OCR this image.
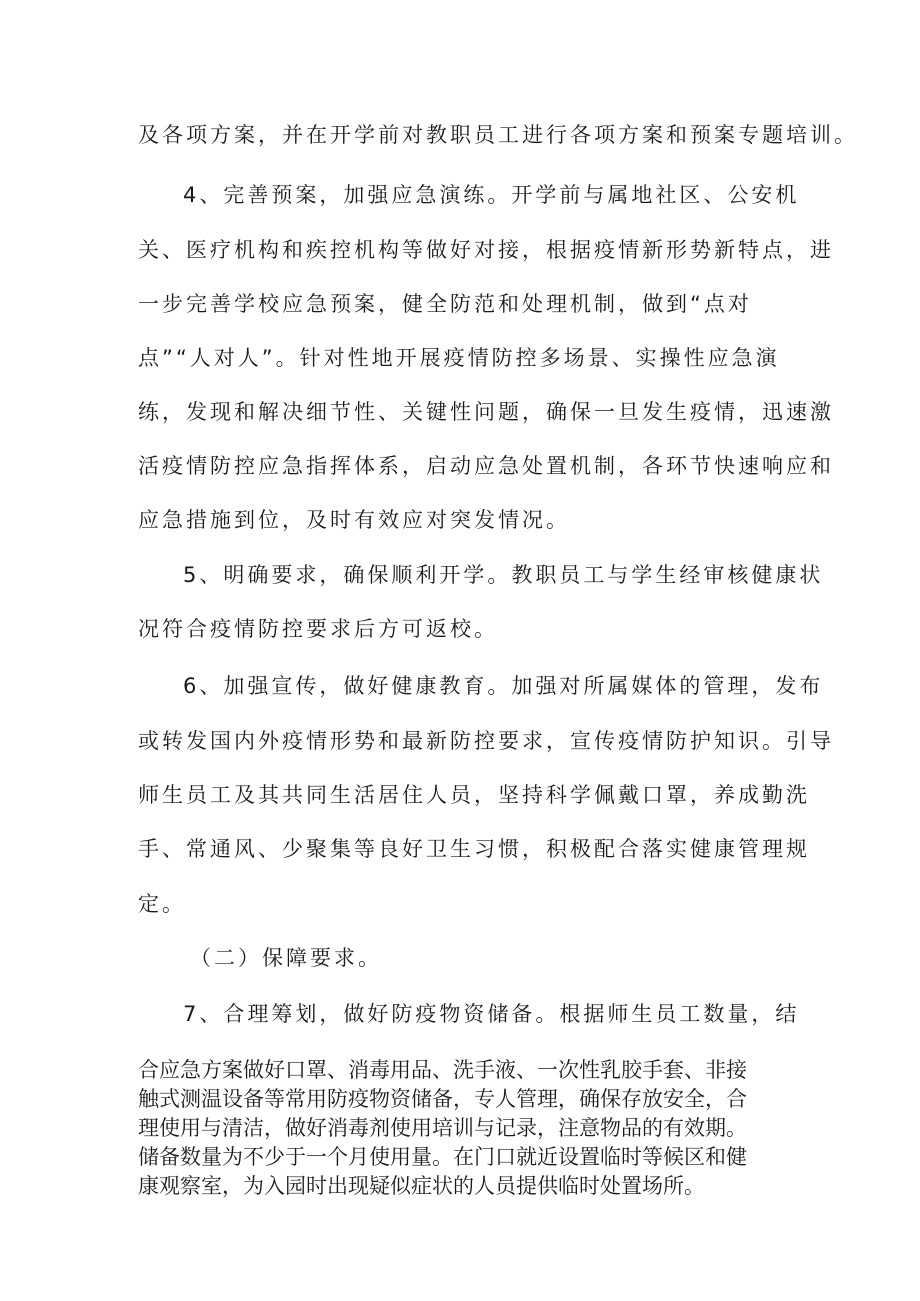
及各项方案，并在开学前对教职员工进行各项方案和预案专题培训。
4、完善预案，加强应急演练。开学前与属地社区、公安机
关、医疗机构和疾控机构等做好对接，根据疫情新形势新特点，进
一步完善学校应急预案，健全防范和处理机制，做到“点对
点”“人对人”。针对性地开展疫情防控多场景、实操性应急演
练，发现和解决细节性、关键性问题，确保一旦发生疫情，迅速激
活疫情防控应急指挥体系，启动应急处置机制，各环节快速响应和
应急措施到位，及时有效应对突发情况。
5、明确要求，确保顺利开学。教职员工与学生经审核健康状
况符合疫情防控要求后方可返校。
6、加强宣传，做好健康教育。加强对所属媒体的管理，发布
或转发国内外疫情形势和最新防控要求，宣传疫情防护知识。引导
师生员工及其共同生活居住人员，坚持科学佩戴口罩，养成勤洗
手、常通风、少聚集等良好卫生习惯，积极配合落实健康管理规
定。
（二）保障要求。
7、合理筹划，做好防疫物资储备。根据师生员工数量，结
合应急方案做好口罩、消毒用品、洗手液、一次性乳胶手套、非接
触式测温设备等常用防疫物资储备，专人管理，确保存放安全，合
理使用与清洁，做好消毒剂使用培训与记录，注意物品的有效期。
储备数量为不少于一个月使用量。在门口就近设置临时等候区和健
康观察室，为入园时出现疑似症状的人员提供临时处置场所。
